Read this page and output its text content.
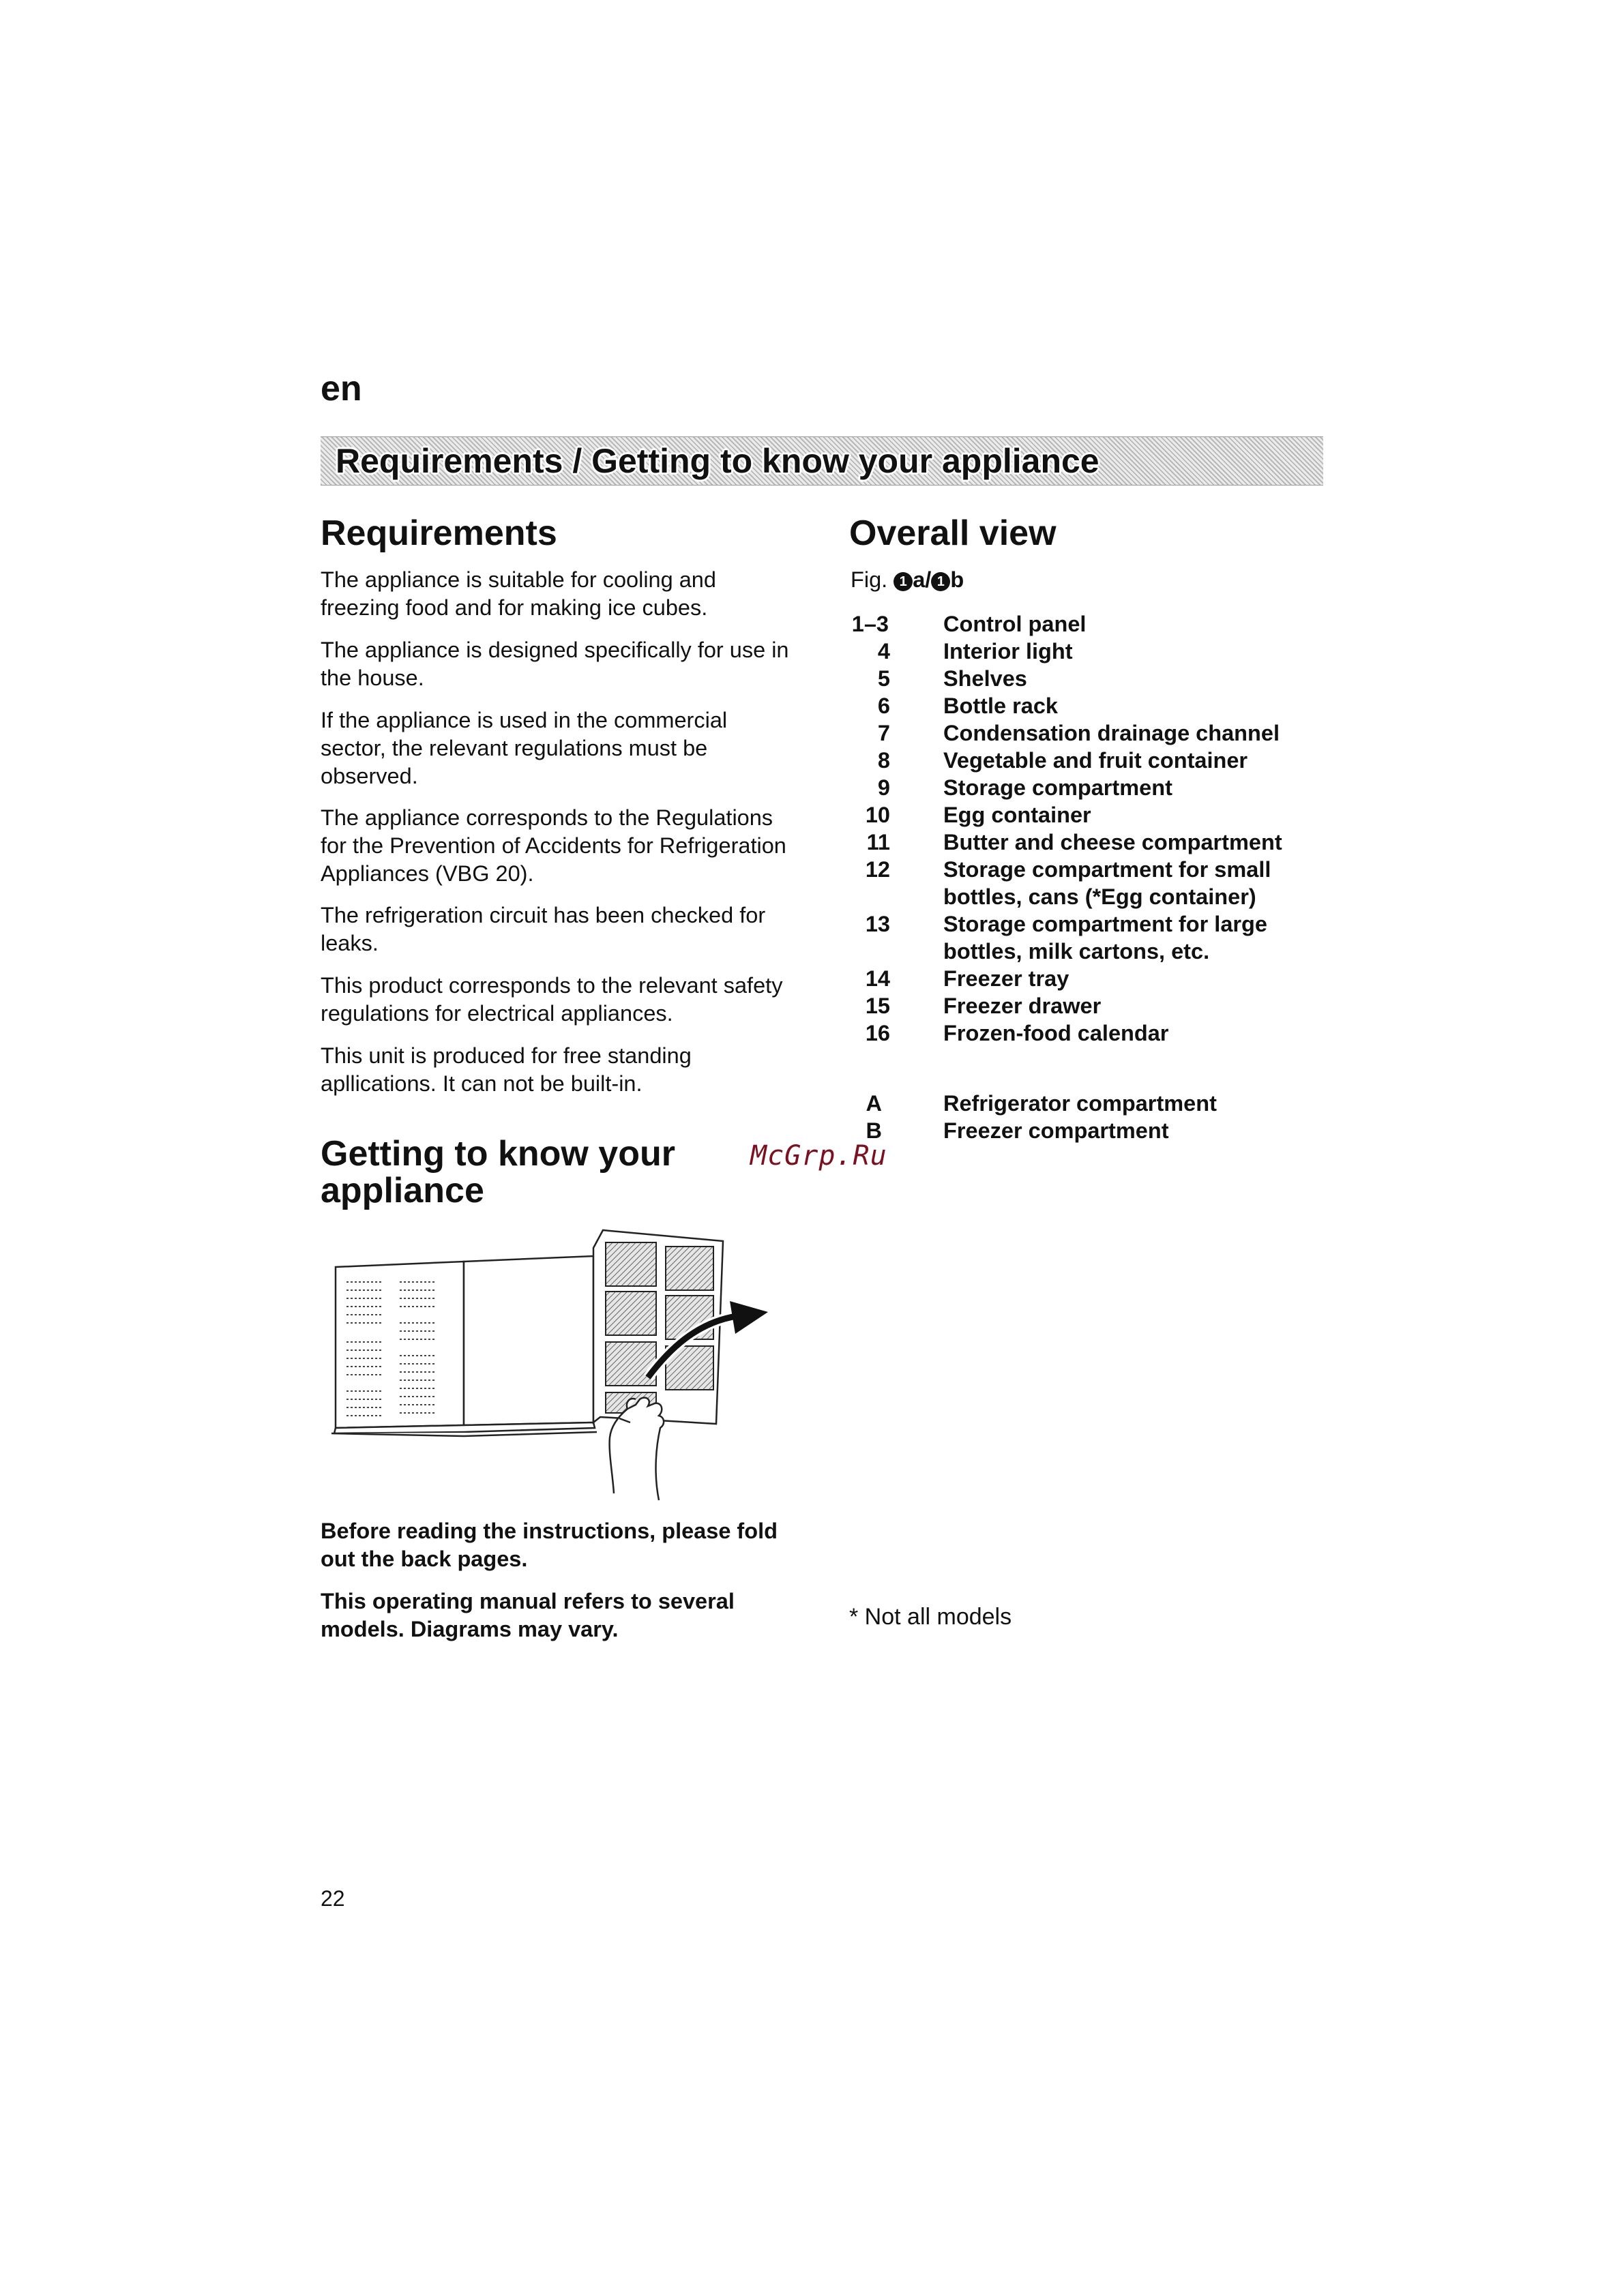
en
Requirements / Getting to know your appliance
Requirements
The appliance is suitable for cooling and freezing food and for making ice cubes.
The appliance is designed specifically for use in the house.
If the appliance is used in the commercial sector, the relevant regulations must be observed.
The appliance corresponds to the Regulations for the Prevention of Accidents for Refrigeration Appliances (VBG 20).
The refrigeration circuit has been checked for leaks.
This product corresponds to the relevant safety regulations for electrical appliances.
This unit is produced for free standing apllications. It can not be built-in.
Getting to know your
appliance
McGrp.Ru
Before reading the instructions, please fold out the back pages.
This operating manual refers to several models. Diagrams may vary.
Overall view
Fig. 1 a/ 1 b
1–3 Control panel
4 Interior light
5 Shelves
6 Bottle rack
7 Condensation drainage channel
8 Vegetable and fruit container
9 Storage compartment
10 Egg container
11 Butter and cheese compartment
12 Storage compartment for small
bottles, cans (*Egg container)
13 Storage compartment for large
bottles, milk cartons, etc.
14 Freezer tray
15 Freezer drawer
16 Frozen-food calendar
A	Refrigerator compartment
B	Freezer compartment
* Not all models
22
